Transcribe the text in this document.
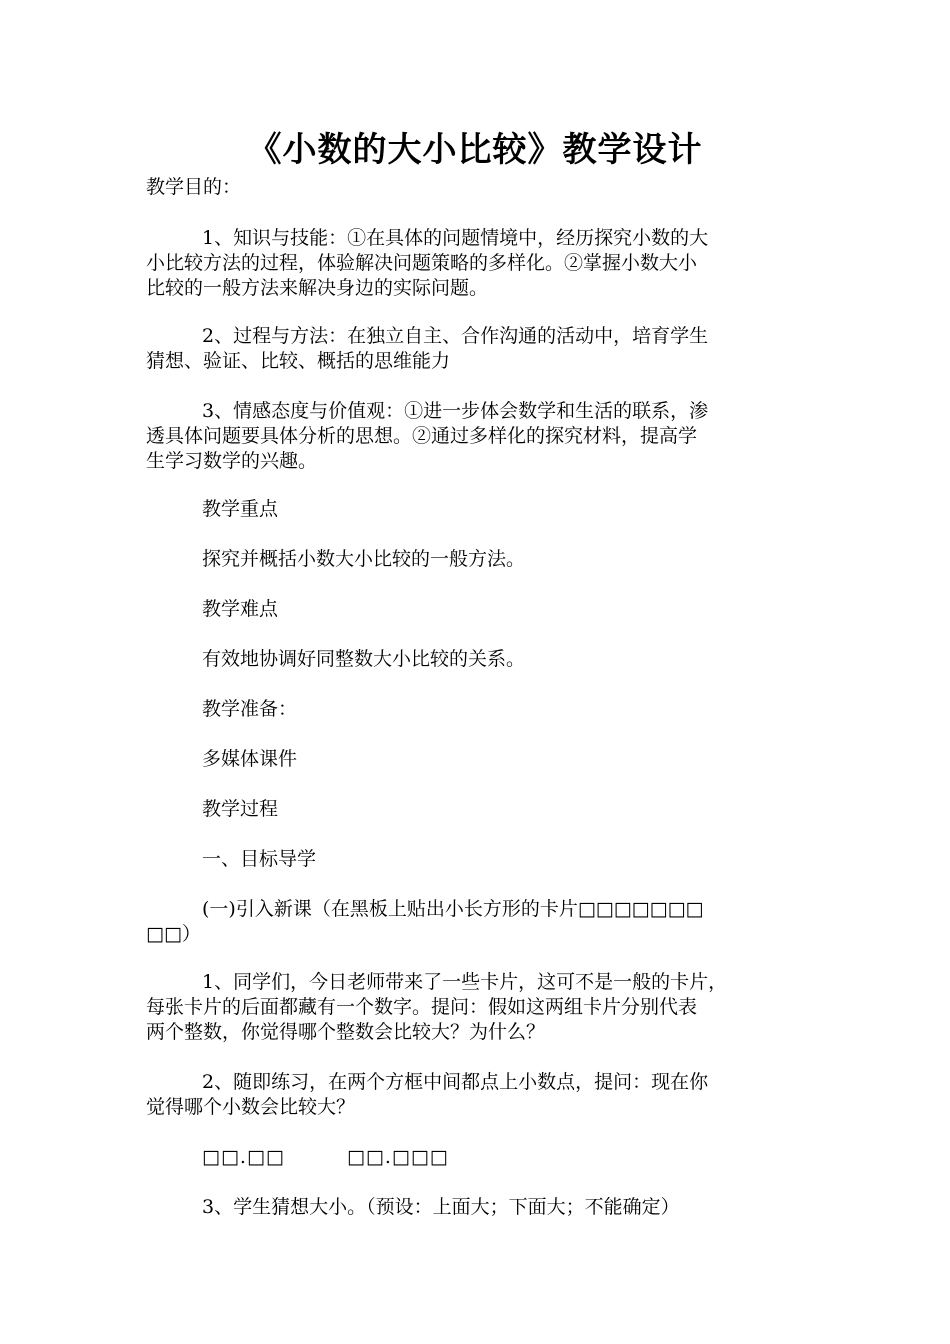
《小数的大小比较》教学设计
教学目的：
1、知识与技能：①在具体的问题情境中，经历探究小数的大
小比较方法的过程，体验解决问题策略的多样化。②掌握小数大小
比较的一般方法来解决身边的实际问题。
2、过程与方法：在独立自主、合作沟通的活动中，培育学生
猜想、验证、比较、概括的思维能力
3、情感态度与价值观：①进一步体会数学和生活的联系，渗
透具体问题要具体分析的思想。②通过多样化的探究材料，提高学
生学习数学的兴趣。
教学重点
探究并概括小数大小比较的一般方法。
教学难点
有效地协调好同整数大小比较的关系。
教学准备：
多媒体课件
教学过程
一、目标导学
(一)引入新课（在黑板上贴出小长方形的卡片□□□□□□□
□□）
1、同学们，今日老师带来了一些卡片，这可不是一般的卡片，
每张卡片的后面都藏有一个数字。提问：假如这两组卡片分别代表
两个整数，你觉得哪个整数会比较大？为什么？
2、随即练习，在两个方框中间都点上小数点，提问：现在你
觉得哪个小数会比较大？
□□.□□	□□.□□□
3、学生猜想大小。（预设：上面大；下面大；不能确定）
